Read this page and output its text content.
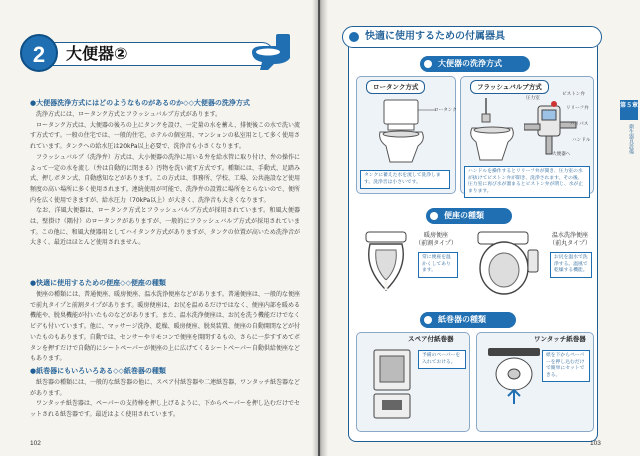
2	大便器②
●大便器洗浄方式にはどのようなものがあるのか◇◇大便器の洗浄方式

洗浄方式には、ロータンク方式とフラッシュバルブ方式があります。

ロータンク方式は、大便器の後ろの上にタンクを設け、一定量の水を蓄え、排便後この水で洗い流す方式です。一般の住宅では、一般的住宅、ホテルの個室用、マンションの私室用として多く使用されています。タンクへの給水圧は20kPa以上必要で、洗浄音も小さくなります。

フラッシュバルブ（洗浄弁）方式は、大小便器の洗浄に用いる弁を給水管に取り付け、弁の操作によって一定の水を流し（弁は自動的に閉まる）汚物を洗い流す方式です。種類には、手動式、足踏み式、押しボタン式、自動感知などがあります。この方式は、事務所、学校、工場、公共施設など使用頻度の高い場所に多く使用されます。連続使用が可能で、洗浄弁の設置に場所をとらないので、便所内を広く使用できますが、給水圧力（70kPa以上）が大きく、洗浄音も大きくなります。

なお、洋風大便器は、ロータンク方式とフラッシュバルブ方式が採用されています。和風大便器は、壁掛け（隅付）のロータンクがありますが、一般的にフラッシュバルブ方式が採用されています。この他に、和風大便器用としてハイタンク方式がありますが、タンクの位置が高いため洗浄音が大きく、最近はほとんど使用されません。

●快適に使用するための便座◇◇便座の種類

便座の種類には、普通便座、暖房便座、温水洗浄便座などがあります。普通便座は、一般的な便座で前丸タイプと前割タイプがあります。暖房便座は、お尻を温めるだけではなく、便座内部を暖める機能や、脱臭機能が付いたものなどがあります。また、温水洗浄便座は、お尻を洗う機能だけでなくビデも付いています。他に、マッサージ洗浄、乾燥、暖房便座、脱臭装置、便座の自動開閉などが付いたものもあります。自動では、センサーやリモコンで便座を開閉するもの、さらに一歩すすめてボタンを押すだけで自動的にシートペーパーが便座の上に広げてくるシートペーパー自動供給便座などもあります。

●紙巻器にもいろいろある◇◇紙巻器の種類

紙巻器の種類には、一般的な紙巻器の他に、スペア付紙巻器や二連紙巻器、ワンタッチ紙巻器などがあります。

ワンタッチ紙巻器は、ペーパーの支持棒を押し上げるように、下からペーパーを押し込むだけでセットされる紙巻器です。最近はよく使用されています。

102
快適に使用するための付属器具
大便器の洗浄方式
ロータンク方式
ロータンク
タンクに蓄えた水を流して洗浄します。洗浄音は小さいです。
フラッシュバルブ方式
圧力室
ピストン弁
リリーフ弁
バイパス
ハンドル
大便器へ
ハンドルを操作するとリリーフ弁が開き、圧力室の水が抜けてピストン弁が開き、洗浄されます。その後、圧力室に再び水が溜まるとピストン弁が閉じ、水が止まります。
便座の種類
暖房便座
（前割タイプ）
常に便座を温かくしてあります。
温水洗浄便座
（前丸タイプ）
お尻を温水で洗浄する。温風で乾燥する機能。
紙巻器の種類
スペア付紙巻器
予備のペーパーを入れておける。
ワンタッチ紙巻器
紙を下からペーパーを押し込むだけで簡単にセットできる。
第５章
衛生器具設備
103
